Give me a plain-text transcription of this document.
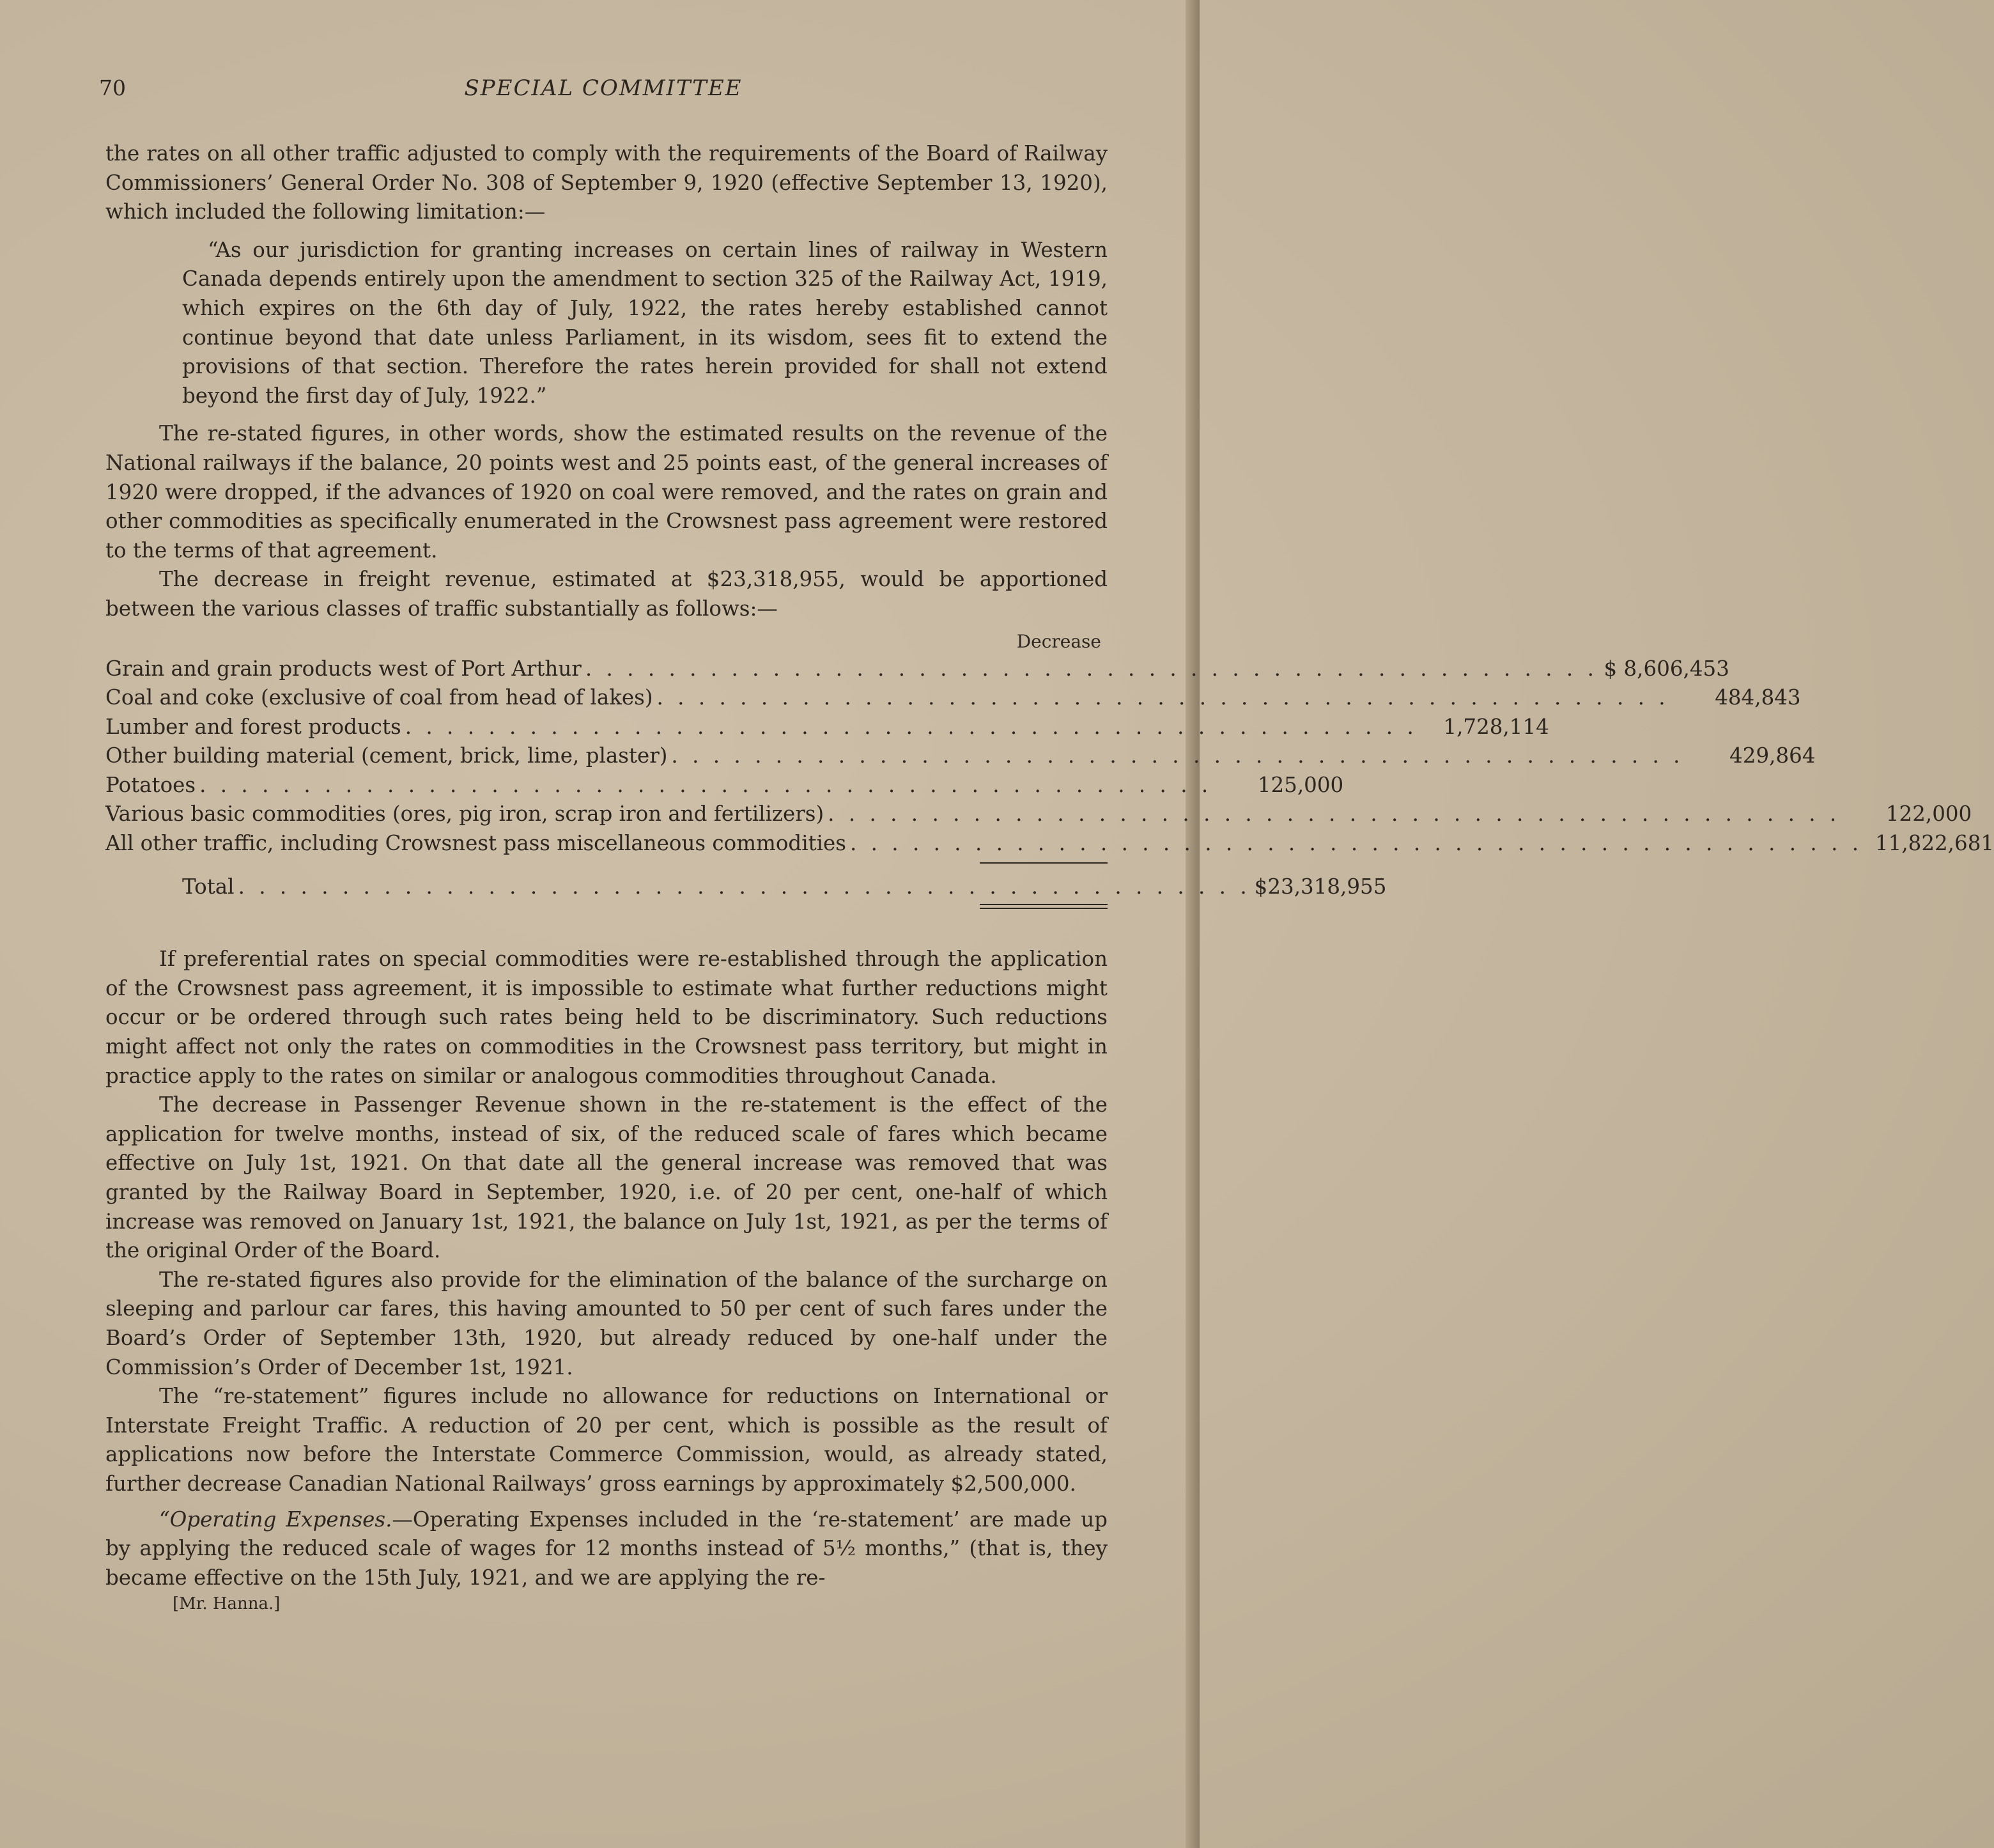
70	SPECIAL COMMITTEE

the rates on all other traffic adjusted to comply with the requirements of the Board of Railway Commissioners’ General Order No. 308 of September 9, 1920 (effective September 13, 1920), which included the following limitation:—

“As our jurisdiction for granting increases on certain lines of railway in Western Canada depends entirely upon the amendment to section 325 of the Railway Act, 1919, which expires on the 6th day of July, 1922, the rates hereby established cannot continue beyond that date unless Parliament, in its wisdom, sees fit to extend the provisions of that section. Therefore the rates herein provided for shall not extend beyond the first day of July, 1922.”

The re-stated figures, in other words, show the estimated results on the revenue of the National railways if the balance, 20 points west and 25 points east, of the general increases of 1920 were dropped, if the advances of 1920 on coal were removed, and the rates on grain and other commodities as specifically enumerated in the Crowsnest pass agreement were restored to the terms of that agreement.

The decrease in freight revenue, estimated at $23,318,955, would be apportioned between the various classes of traffic substantially as follows:—

Decrease
Grain and grain products west of Port Arthur . . . . . . . . . . . . . . . . . . . . . . . . . . . . . . . . . . . . . . . . . . . . . . . . . $ 8,606,453
Coal and coke (exclusive of coal from head of lakes) . . . . . . . . . . . . . . . . . . . . . . . . . . . . . . . . . . . . . . . . . . . . . . . . .	484,843
Lumber and forest products . . . . . . . . . . . . . . . . . . . . . . . . . . . . . . . . . . . . . . . . . . . . . . . . .	1,728,114
Other building material (cement, brick, lime, plaster) . . . . . . . . . . . . . . . . . . . . . . . . . . . . . . . . . . . . . . . . . . . . . . . . .	429,864
Potatoes . . . . . . . . . . . . . . . . . . . . . . . . . . . . . . . . . . . . . . . . . . . . . . . . .	125,000
Various basic commodities (ores, pig iron, scrap iron and fertilizers) . . . . . . . . . . . . . . . . . . . . . . . . . . . . . . . . . . . . . . . . . . . . . . . . .	122,000
All other traffic, including Crowsnest pass miscellaneous commodities . . . . . . . . . . . . . . . . . . . . . . . . . . . . . . . . . . . . . . . . . . . . . . . . . 11,822,681
Total . . . . . . . . . . . . . . . . . . . . . . . . . . . . . . . . . . . . . . . . . . . . . . . . . $23,318,955

If preferential rates on special commodities were re-established through the application of the Crowsnest pass agreement, it is impossible to estimate what further reductions might occur or be ordered through such rates being held to be discriminatory. Such reductions might affect not only the rates on commodities in the Crowsnest pass territory, but might in practice apply to the rates on similar or analogous commodities throughout Canada.

The decrease in Passenger Revenue shown in the re-statement is the effect of the application for twelve months, instead of six, of the reduced scale of fares which became effective on July 1st, 1921. On that date all the general increase was removed that was granted by the Railway Board in September, 1920, i.e. of 20 per cent, one-half of which increase was removed on January 1st, 1921, the balance on July 1st, 1921, as per the terms of the original Order of the Board.

The re-stated figures also provide for the elimination of the balance of the surcharge on sleeping and parlour car fares, this having amounted to 50 per cent of such fares under the Board’s Order of September 13th, 1920, but already reduced by one-half under the Commission’s Order of December 1st, 1921.

The “re-statement” figures include no allowance for reductions on International or Interstate Freight Traffic. A reduction of 20 per cent, which is possible as the result of applications now before the Interstate Commerce Commission, would, as already stated, further decrease Canadian National Railways’ gross earnings by approximately $2,500,000.

“Operating Expenses.—Operating Expenses included in the ‘re-statement’ are made up by applying the reduced scale of wages for 12 months instead of 5½ months,” (that is, they became effective on the 15th July, 1921, and we are applying the re-

[Mr. Hanna.]
